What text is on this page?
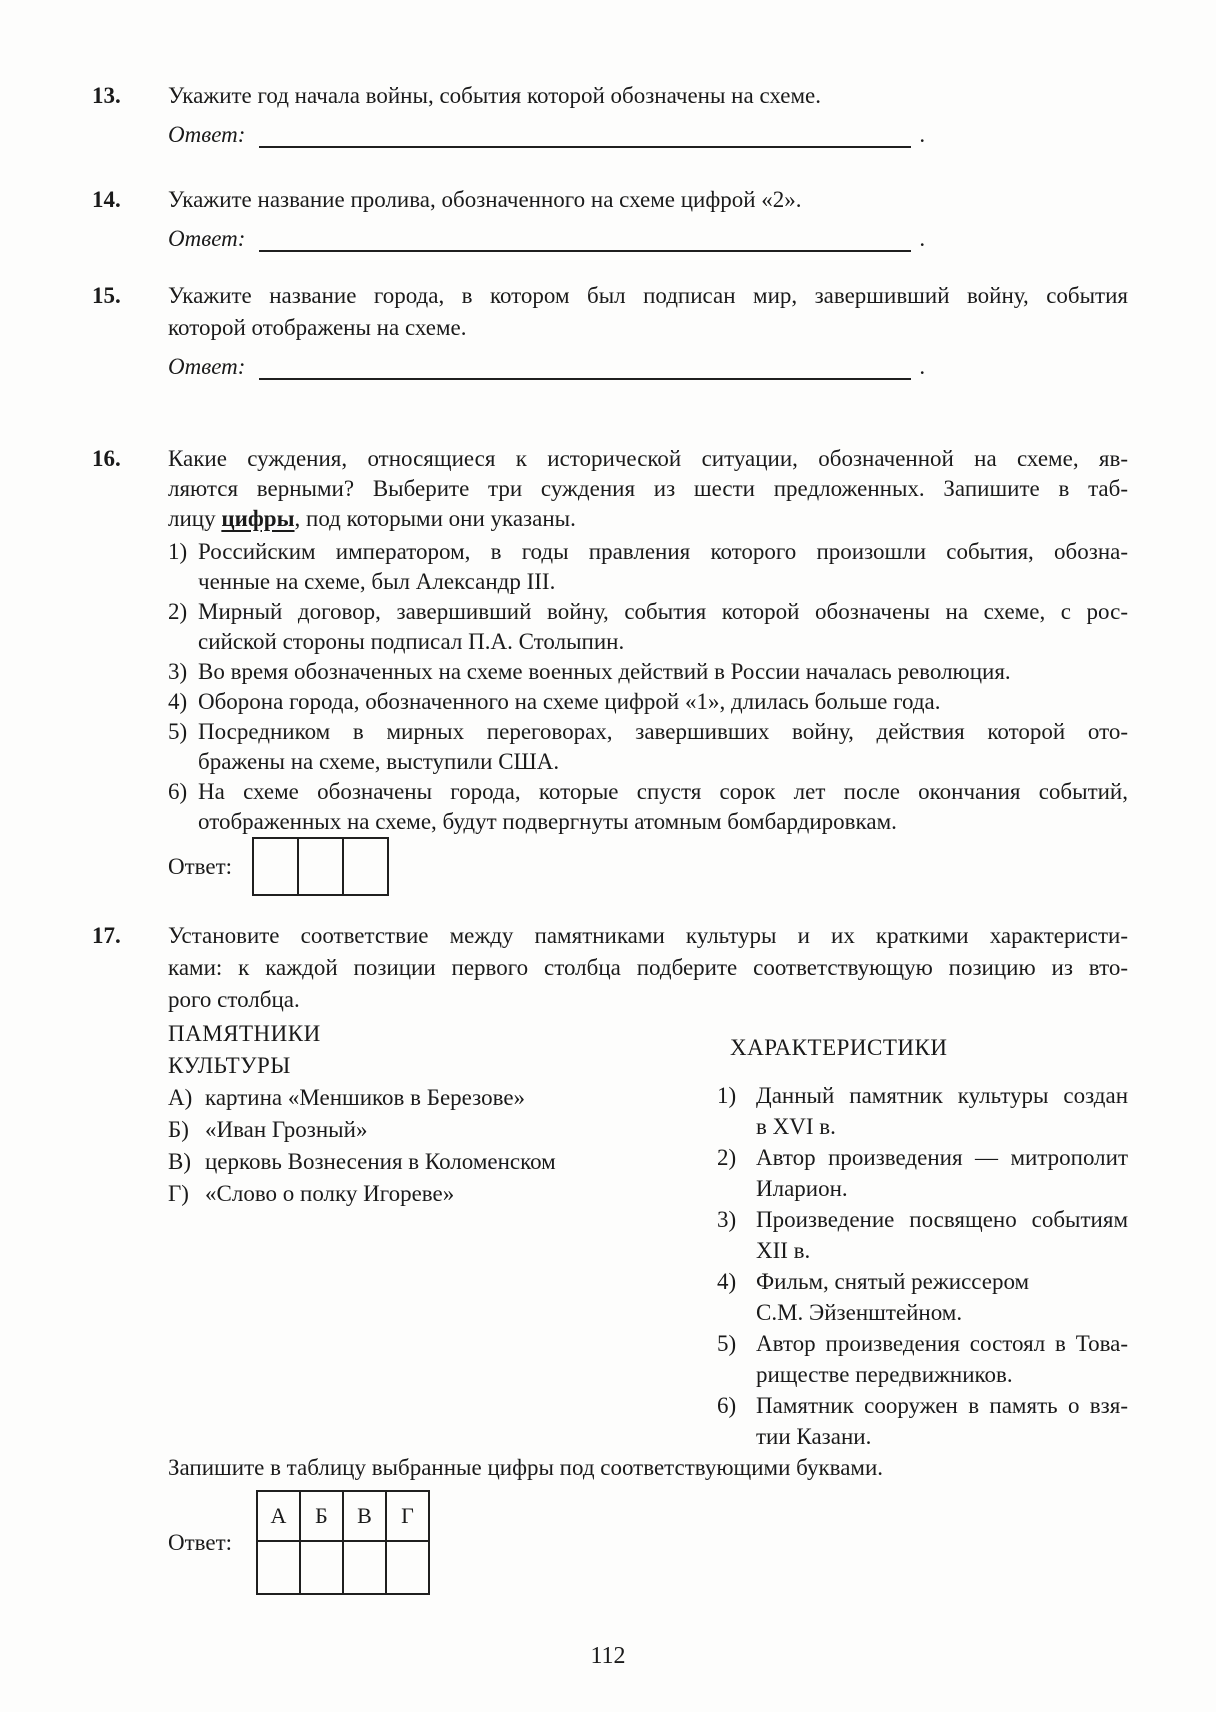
13.	Укажите год начала войны, события которой обозначены на схеме.
Ответ:	.
14.	Укажите название пролива, обозначенного на схеме цифрой «2».
Ответ:	.
15.	Укажите название города, в котором был подписан мир, завершивший войну, события
которой отображены на схеме.
Ответ:	.
16.	Какие суждения, относящиеся к исторической ситуации, обозначенной на схеме, яв-
ляются верными? Выберите три суждения из шести предложенных. Запишите в таб-
лицу цифры, под которыми они указаны.
1) Российским императором, в годы правления которого произошли события, обозна-
ченные на схеме, был Александр III.
2) Мирный договор, завершивший войну, события которой обозначены на схеме, с рос-
сийской стороны подписал П.А. Столыпин.
3) Во время обозначенных на схеме военных действий в России началась революция.
4) Оборона города, обозначенного на схеме цифрой «1», длилась больше года.
5) Посредником в мирных переговорах, завершивших войну, действия которой ото-
бражены на схеме, выступили США.
6) На схеме обозначены города, которые спустя сорок лет после окончания событий,
отображенных на схеме, будут подвергнуты атомным бомбардировкам.
Ответ:
17.	Установите соответствие между памятниками культуры и их краткими характеристи-
ками: к каждой позиции первого столбца подберите соответствующую позицию из вто-
рого столбца.
ПАМЯТНИКИ
КУЛЬТУРЫ
А) картина «Меншиков в Березове»
Б) «Иван Грозный»
В) церковь Вознесения в Коломенском
Г) «Слово о полку Игореве»
ХАРАКТЕРИСТИКИ
1) Данный памятник культуры создан
в XVI в.
2) Автор произведения — митрополит
Иларион.
3) Произведение посвящено событиям
XII в.
4) Фильм, снятый режиссером
С.М. Эйзенштейном.
5) Автор произведения состоял в Това-
риществе передвижников.
6) Памятник сооружен в память о взя-
тии Казани.
Запишите в таблицу выбранные цифры под соответствующими буквами.
Ответ:
А	Б	В	Г

112
